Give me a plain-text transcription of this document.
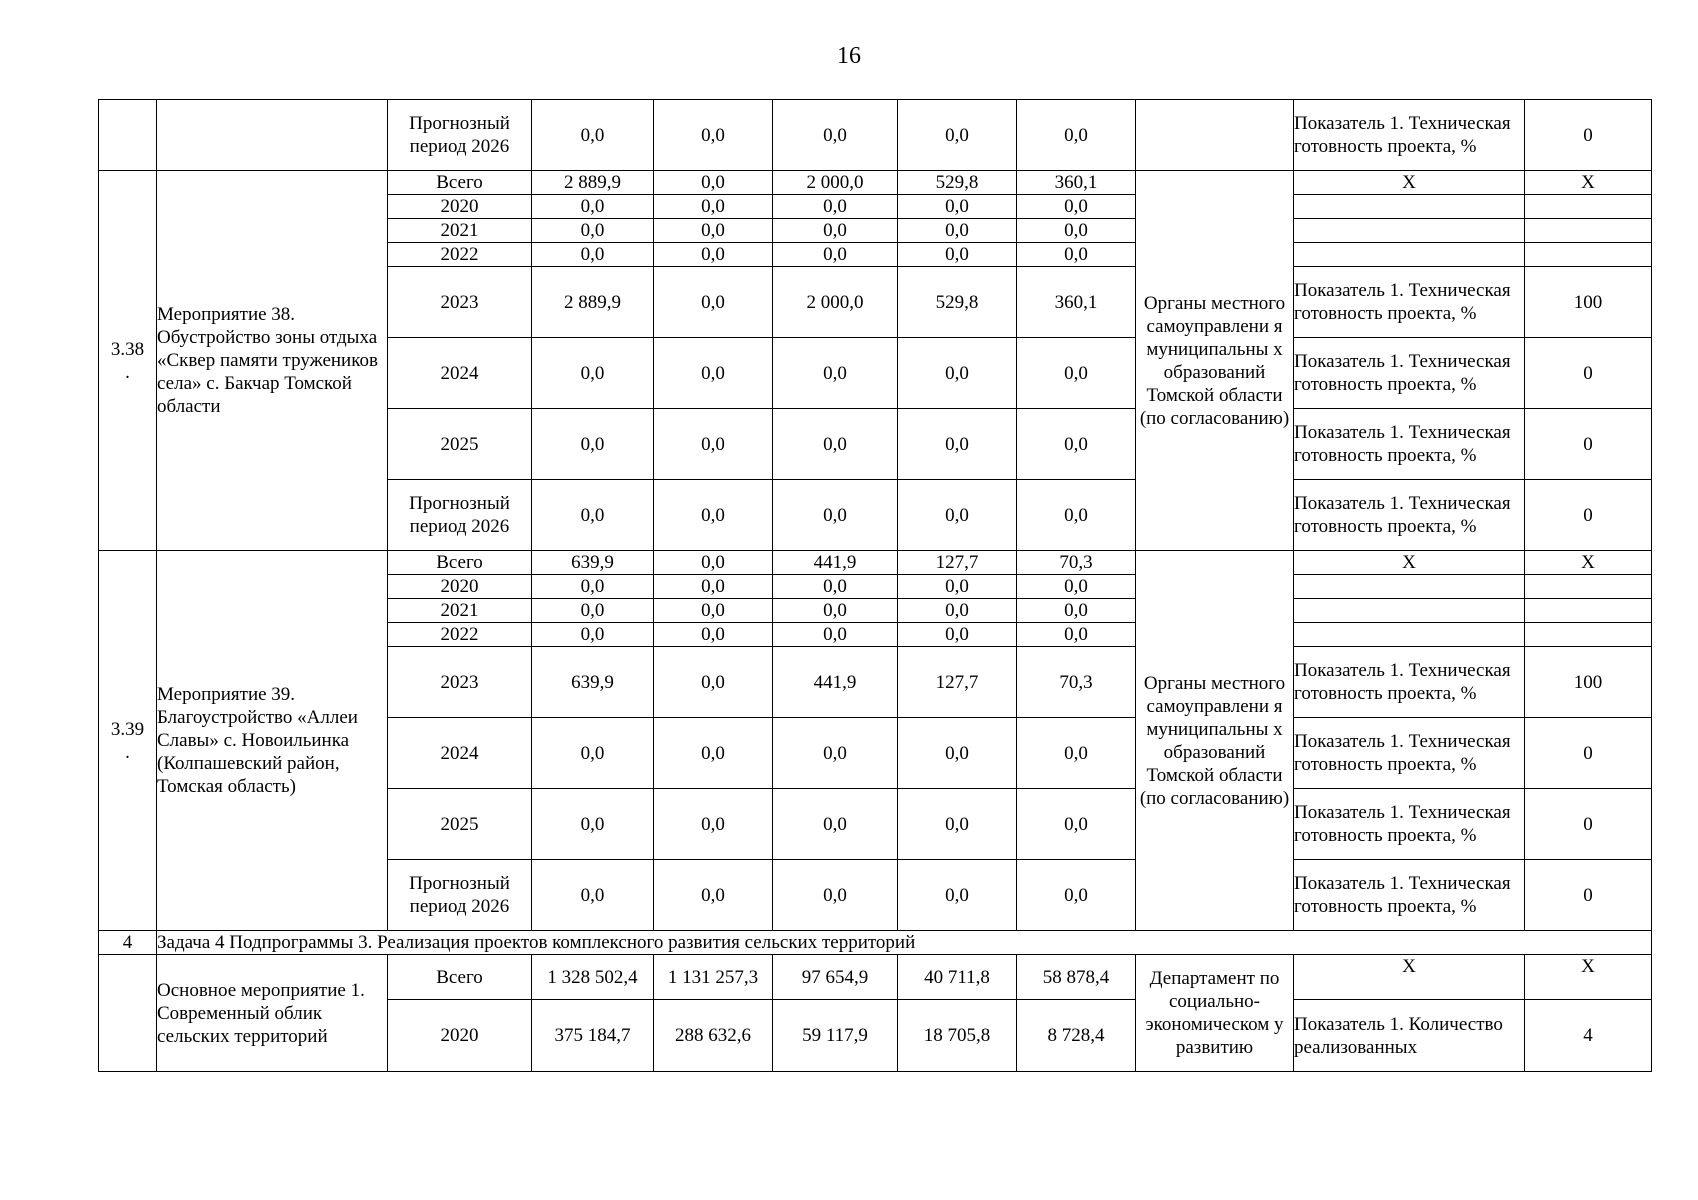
16
		Прогнозный период 2026	0,0	0,0	0,0	0,0	0,0		Показатель 1. Техническая готовность проекта, %	0
3.38
.	Мероприятие 38. Обустройство зоны отдыха «Сквер памяти тружеников села» с. Бакчар Томской области	Всего	2 889,9	0,0	2 000,0	529,8	360,1	Органы местного самоуправлени я муниципальны х образований Томской области (по согласованию)	X	X
		2020	0,0	0,0	0,0	0,0	0,0			
		2021	0,0	0,0	0,0	0,0	0,0			
		2022	0,0	0,0	0,0	0,0	0,0			
		2023	2 889,9	0,0	2 000,0	529,8	360,1		Показатель 1. Техническая готовность проекта, %	100
		2024	0,0	0,0	0,0	0,0	0,0		Показатель 1. Техническая готовность проекта, %	0
		2025	0,0	0,0	0,0	0,0	0,0		Показатель 1. Техническая готовность проекта, %	0
		Прогнозный период 2026	0,0	0,0	0,0	0,0	0,0		Показатель 1. Техническая готовность проекта, %	0
3.39
.	Мероприятие 39. Благоустройство «Аллеи Славы» с. Новоильинка (Колпашевский район, Томская область)	Всего	639,9	0,0	441,9	127,7	70,3	Органы местного самоуправлени я муниципальны х образований Томской области (по согласованию)	X	X
		2020	0,0	0,0	0,0	0,0	0,0			
		2021	0,0	0,0	0,0	0,0	0,0			
		2022	0,0	0,0	0,0	0,0	0,0			
		2023	639,9	0,0	441,9	127,7	70,3		Показатель 1. Техническая готовность проекта, %	100
		2024	0,0	0,0	0,0	0,0	0,0		Показатель 1. Техническая готовность проекта, %	0
		2025	0,0	0,0	0,0	0,0	0,0		Показатель 1. Техническая готовность проекта, %	0
		Прогнозный период 2026	0,0	0,0	0,0	0,0	0,0		Показатель 1. Техническая готовность проекта, %	0
4	Задача 4 Подпрограммы 3. Реализация проектов комплексного развития сельских территорий									
	Основное мероприятие 1. Современный облик сельских территорий	Всего	1 328 502,4	1 131 257,3	97 654,9	40 711,8	58 878,4	Департамент по социально-экономическом у развитию	X	X
		2020	375 184,7	288 632,6	59 117,9	18 705,8	8 728,4		Показатель 1. Количество реализованных	4
